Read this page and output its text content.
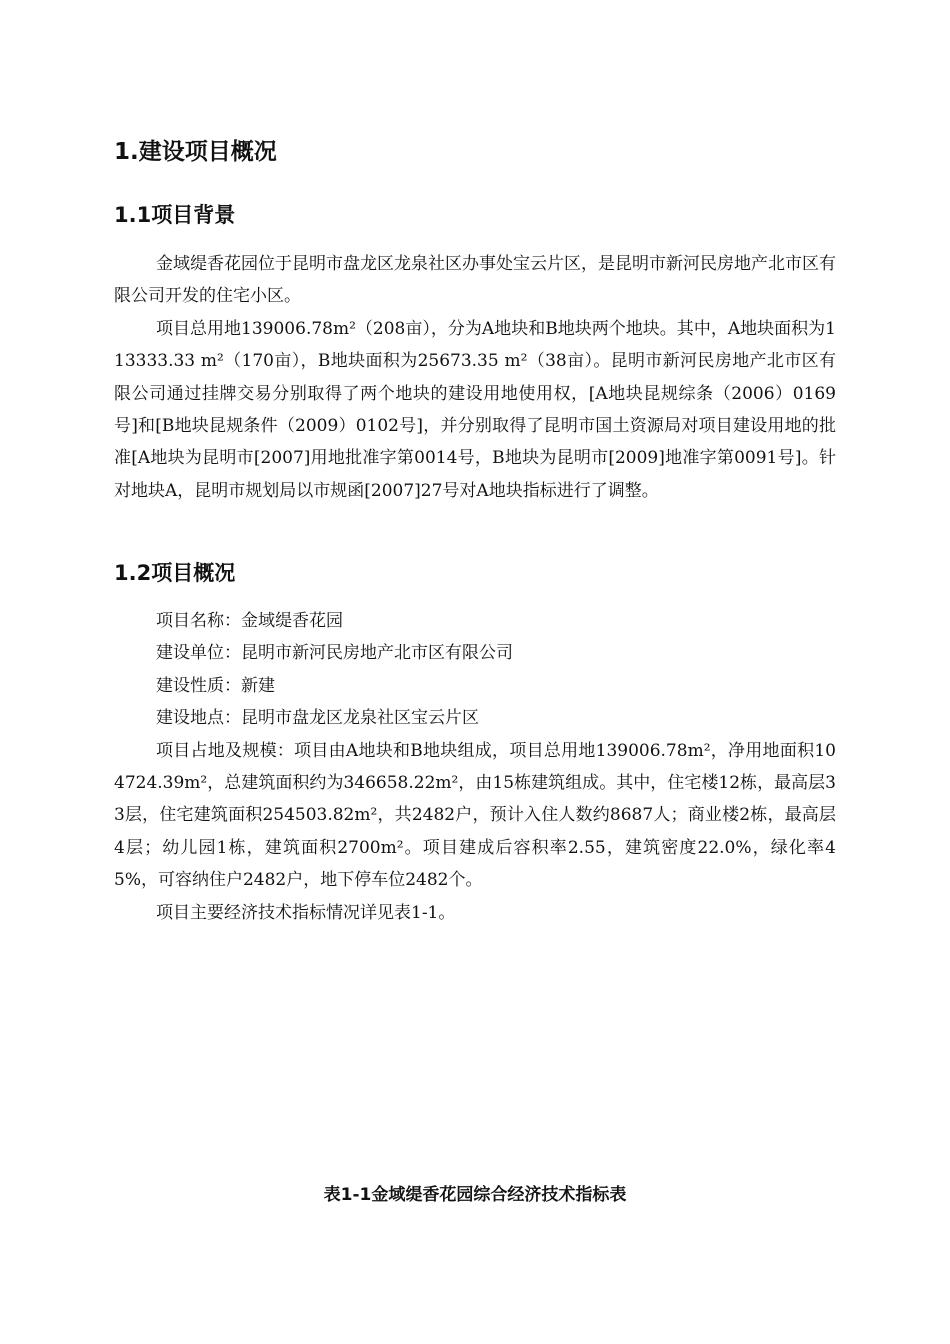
1.建设项目概况
1.1项目背景

金域缇香花园位于昆明市盘龙区龙泉社区办事处宝云片区，是昆明市新河民房地产北市区有限公司开发的住宅小区。

项目总用地139006.78m²（208亩），分为A地块和B地块两个地块。其中，A地块面积为113333.33 m²（170亩），B地块面积为25673.35 m²（38亩）。昆明市新河民房地产北市区有限公司通过挂牌交易分别取得了两个地块的建设用地使用权，[A地块昆规综条（2006）0169号]和[B地块昆规条件（2009）0102号]，并分别取得了昆明市国土资源局对项目建设用地的批准[A地块为昆明市[2007]用地批准字第0014号，B地块为昆明市[2009]地准字第0091号]。针对地块A，昆明市规划局以市规函[2007]27号对A地块指标进行了调整。

1.2项目概况

项目名称：金域缇香花园

建设单位：昆明市新河民房地产北市区有限公司

建设性质：新建

建设地点：昆明市盘龙区龙泉社区宝云片区

项目占地及规模：项目由A地块和B地块组成，项目总用地139006.78m²，净用地面积104724.39m²，总建筑面积约为346658.22m²，由15栋建筑组成。其中，住宅楼12栋，最高层33层，住宅建筑面积254503.82m²，共2482户，预计入住人数约8687人；商业楼2栋，最高层4层；幼儿园1栋，建筑面积2700m²。项目建成后容积率2.55，建筑密度22.0%，绿化率45%，可容纳住户2482户，地下停车位2482个。

项目主要经济技术指标情况详见表1-1。

表1-1金域缇香花园综合经济技术指标表
